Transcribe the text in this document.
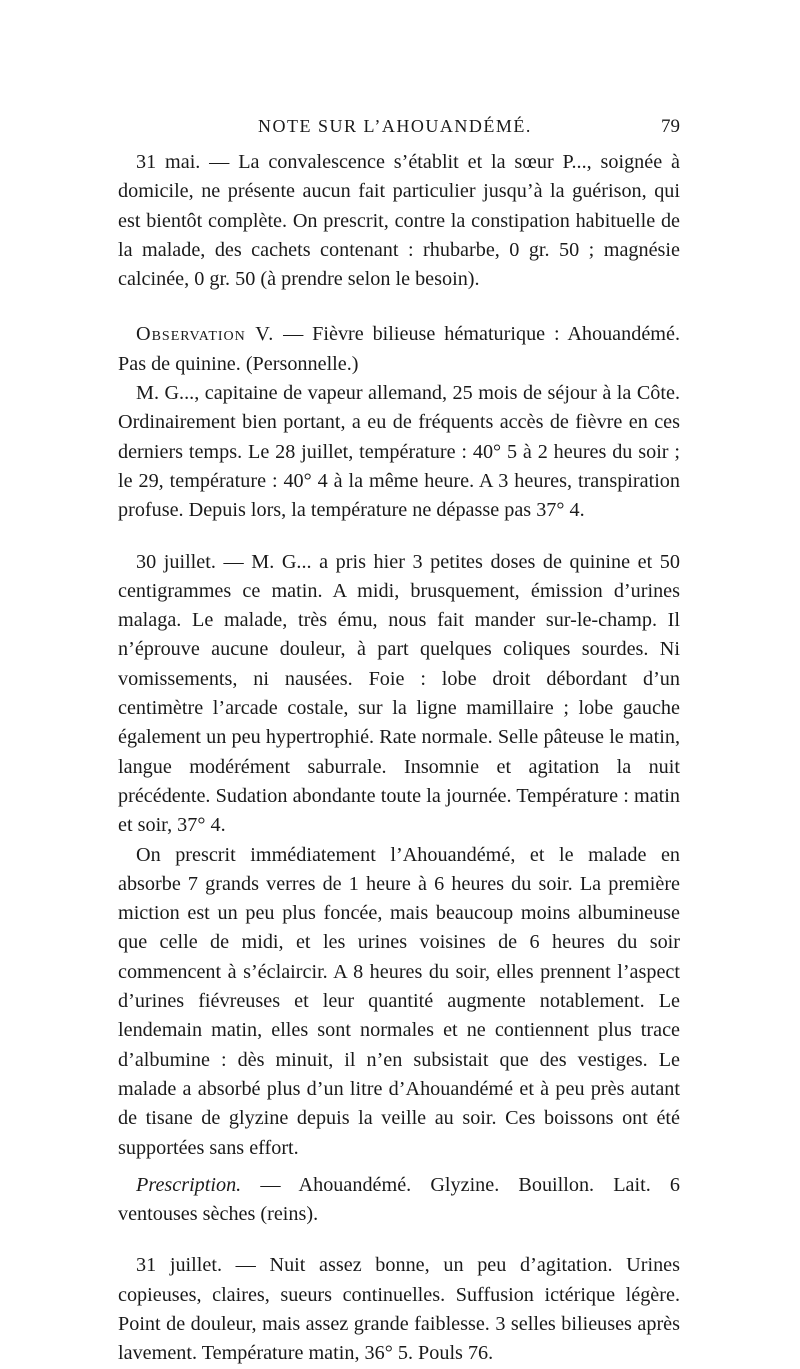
NOTE SUR L’AHOUANDÉMÉ.	79

31 mai. — La convalescence s’établit et la sœur P..., soignée à domicile, ne présente aucun fait particulier jusqu’à la guérison, qui est bientôt complète. On prescrit, contre la constipation habituelle de la malade, des cachets contenant : rhubarbe, 0 gr. 50 ; magnésie calcinée, 0 gr. 50 (à prendre selon le besoin).

Observation V. — Fièvre bilieuse hématurique : Ahouandémé. Pas de quinine. (Personnelle.)

M. G..., capitaine de vapeur allemand, 25 mois de séjour à la Côte. Ordinairement bien portant, a eu de fréquents accès de fièvre en ces derniers temps. Le 28 juillet, température : 40° 5 à 2 heures du soir ; le 29, température : 40° 4 à la même heure. A 3 heures, transpiration profuse. Depuis lors, la température ne dépasse pas 37° 4.

30 juillet. — M. G... a pris hier 3 petites doses de quinine et 50 centigrammes ce matin. A midi, brusquement, émission d’urines malaga. Le malade, très ému, nous fait mander sur-le-champ. Il n’éprouve aucune douleur, à part quelques coliques sourdes. Ni vomissements, ni nausées. Foie : lobe droit débordant d’un centimètre l’arcade costale, sur la ligne mamillaire ; lobe gauche également un peu hypertrophié. Rate normale. Selle pâteuse le matin, langue modérément saburrale. Insomnie et agitation la nuit précédente. Sudation abondante toute la journée. Température : matin et soir, 37° 4.

On prescrit immédiatement l’Ahouandémé, et le malade en absorbe 7 grands verres de 1 heure à 6 heures du soir. La première miction est un peu plus foncée, mais beaucoup moins albumineuse que celle de midi, et les urines voisines de 6 heures du soir commencent à s’éclaircir. A 8 heures du soir, elles prennent l’aspect d’urines fiévreuses et leur quantité augmente notablement. Le lendemain matin, elles sont normales et ne contiennent plus trace d’albumine : dès minuit, il n’en subsistait que des vestiges. Le malade a absorbé plus d’un litre d’Ahouandémé et à peu près autant de tisane de glyzine depuis la veille au soir. Ces boissons ont été supportées sans effort.

Prescription. — Ahouandémé. Glyzine. Bouillon. Lait. 6 ventouses sèches (reins).

31 juillet. — Nuit assez bonne, un peu d’agitation. Urines copieuses, claires, sueurs continuelles. Suffusion ictérique légère. Point de douleur, mais assez grande faiblesse. 3 selles bilieuses après lavement. Température matin, 36° 5. Pouls 76.
